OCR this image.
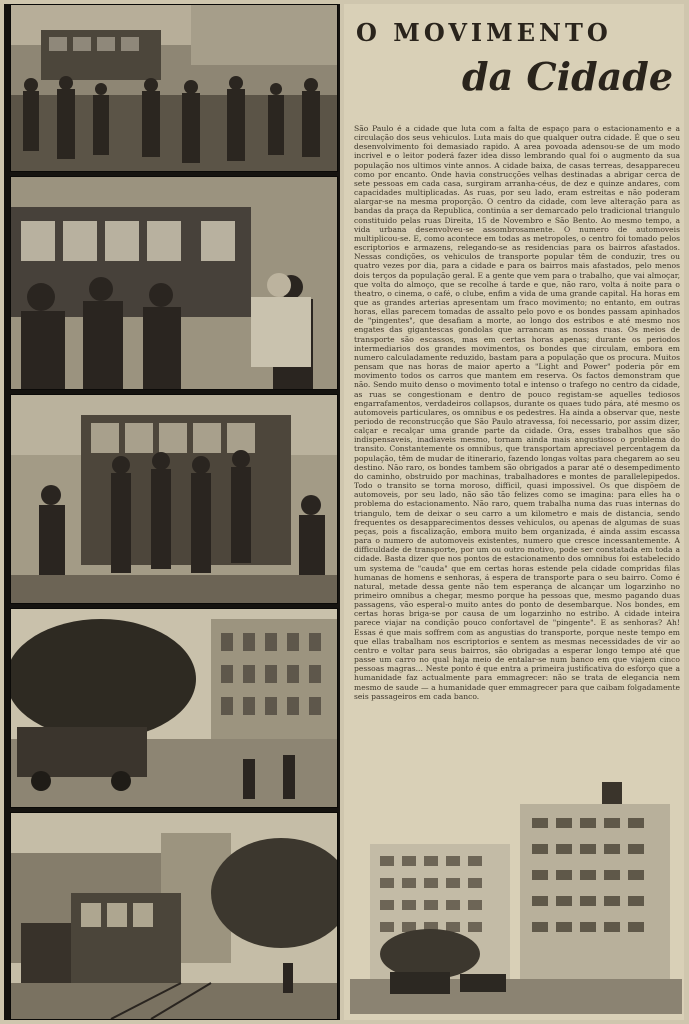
O MOVIMENTO
da Cidade
São Paulo é a cidade que luta com a falta de espaço para o estacionamento e a circulação dos seus vehiculos. Luta mais do que qualquer outra cidade. É que o seu desenvolvimento foi demasiado rapido. A area povoada adensou-se de um modo incrivel e o leitor poderá fazer idea disso lembrando qual foi o augmento da sua população nos ultimos vinte annos. A cidade baixa, de casas terreas, desappareceu como por encanto. Onde havia construcções velhas destinadas a abrigar cerca de sete pessoas em cada casa, surgiram arranha-céus, de dez e quinze andares, com capacidades multiplicadas. As ruas, por seu lado, eram estreitas e não poderam alargar-se na mesma proporção. O centro da cidade, com leve alteração para as bandas da praça da Republica, continúa a ser demarcado pelo tradicional triangulo constituido pelas ruas Direita, 15 de Novembro e São Bento. Ao mesmo tempo, a vida urbana desenvolveu-se assombrosamente. O numero de automoveis multiplicou-se. E, como acontece em todas as metropoles, o centro foi tomado pelos escriptorios e armazens, relegando-se as residencias para os bairros afastados. Nessas condições, os vehiculos de transporte popular têm de conduzir, tres ou quatro vezes por dia, para a cidade e para os bairros mais afastados, pelo menos dois terços da população geral. E a gente que vem para o trabalho, que vai almoçar, que volta do almoço, que se recolhe á tarde e que, não raro, volta á noite para o theatro, o cinema, o café, o clube, enfim a vida de uma grande capital. Ha horas em que as grandes arterias apresentam um fraco movimento; no entanto, em outras horas, ellas parecem tomadas de assalto pelo povo e os bondes passam apinhados de "pingentes", que desafiam a morte, ao longo dos estribos e até mesmo nos engates das gigantescas gondolas que arrancam as nossas ruas. Os meios de transporte são escassos, mas em certas horas apenas; durante os periodos intermediarios dos grandes movimentos, os bondes que circulam, embora em numero calculadamente reduzido, bastam para a população que os procura. Muitos pensam que nas horas de maior aperto a "Light and Power" poderia pôr em movimento todos os carros que mantem em reserva. Os factos demonstram que não. Sendo muito denso o movimento total e intenso o trafego no centro da cidade, as ruas se congestionam e dentro de pouco registam-se aquelles tediosos engarrafamentos, verdadeiros collapsos, durante os quaes tudo pára, até mesmo os automoveis particulares, os omnibus e os pedestres. Ha ainda a observar que, neste periodo de reconstrucção que São Paulo atravessa, foi necessario, por assim dizer, calçar e recalçar uma grande parte da cidade. Ora, esses trabalhos que são indispensaveis, inadiaveis mesmo, tornam ainda mais angustioso o problema do transito. Constantemente os omnibus, que transportam apreciavel percentagem da população, têm de mudar de itinerario, fazendo longas voltas para chegarem ao seu destino. Não raro, os bondes tambem são obrigados a parar até o desempedimento do caminho, obstruido por machinas, trabalhadores e montes de parallelepipedos. Todo o transito se torna moroso, difficil, quasi impossivel. Os que dispõem de automoveis, por seu lado, não são tão felizes como se imagina: para elles ha o problema do estacionamento. Não raro, quem trabalha numa das ruas internas do triangulo, tem de deixar o seu carro a um kilometro e mais de distancia, sendo frequentes os desapparecimentos desses vehiculos, ou apenas de algumas de suas peças, pois a fiscalização, embora muito bem organizada, é ainda assim escassa para o numero de automoveis existentes, numero que cresce incessantemente. A difficuldade de transporte, por um ou outro motivo, pode ser constatada em toda a cidade. Basta dizer que nos pontos de estacionamento dos omnibus foi estabelecido um systema de "cauda" que em certas horas estende pela cidade compridas filas humanas de homens e senhoras, á espera de transporte para o seu bairro. Como é natural, metade dessa gente não tem esperança de alcançar um logarzinho no primeiro omnibus a chegar, mesmo porque ha pessoas que, mesmo pagando duas passagens, vão esperal-o muito antes do ponto de desembarque. Nos bondes, em certas horas briga-se por causa de um logarzinho no estribo. A cidade inteira parece viajar na condição pouco confortavel de "pingente". E as senhoras? Ah! Essas é que mais soffrem com as angustias do transporte, porque neste tempo em que ellas trabalham nos escriptorios e sentem as mesmas necessidades de vir ao centro e voltar para seus bairros, são obrigadas a esperar longo tempo até que passe um carro no qual haja meio de entalar-se num banco em que viajem cinco pessoas magras... Neste ponto é que entra a primeira justificativa do esforço que a humanidade faz actualmente para emmagrecer: não se trata de elegancia nem mesmo de saude — a humanidade quer emmagrecer para que caibam folgadamente seis passageiros em cada banco.
